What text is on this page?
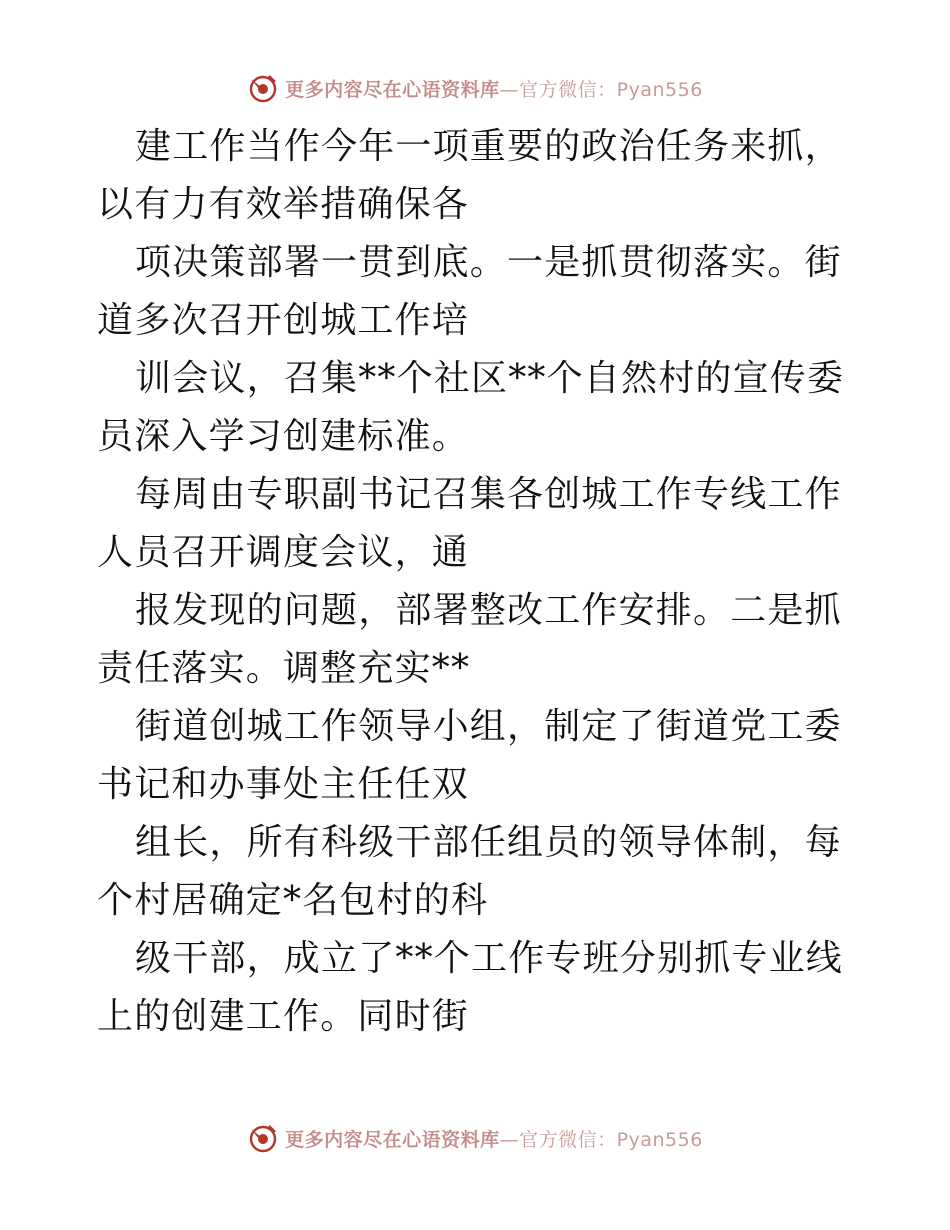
更多内容尽在心语资料库—官方微信：Pyan556

建工作当作今年一项重要的政治任务来抓，以有力有效举措确保各

项决策部署一贯到底。一是抓贯彻落实。街道多次召开创城工作培

训会议，召集**个社区**个自然村的宣传委员深入学习创建标准。

每周由专职副书记召集各创城工作专线工作人员召开调度会议，通

报发现的问题，部署整改工作安排。二是抓责任落实。调整充实**

街道创城工作领导小组，制定了街道党工委书记和办事处主任任双

组长，所有科级干部任组员的领导体制，每个村居确定*名包村的科

级干部，成立了**个工作专班分别抓专业线上的创建工作。同时街

更多内容尽在心语资料库—官方微信：Pyan556
